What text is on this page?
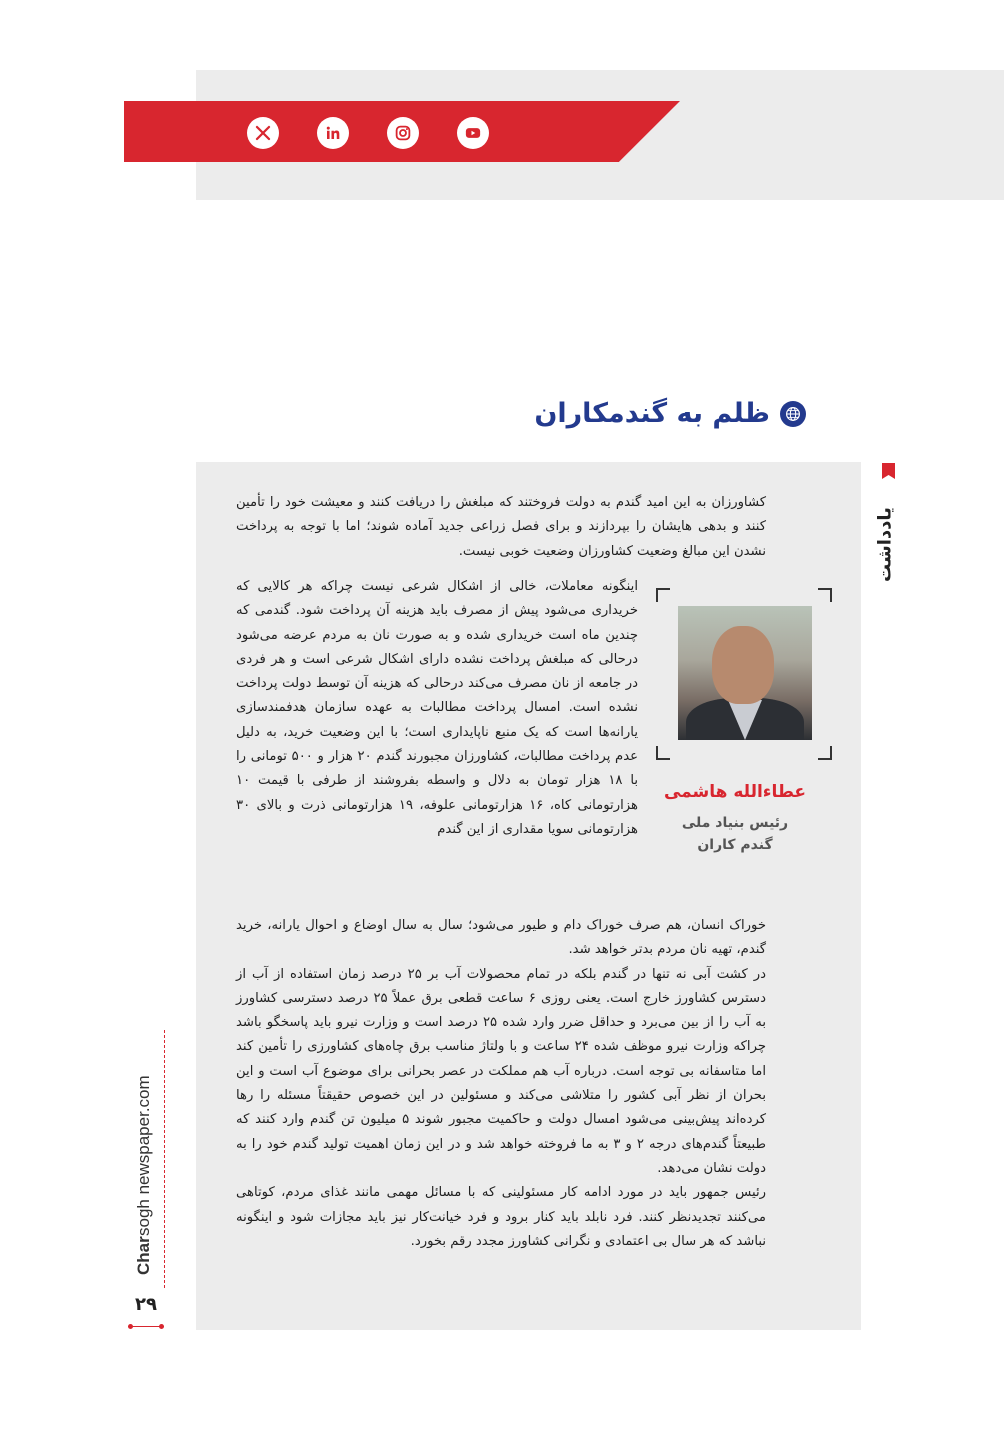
ظلم به گندمکاران
یادداشت

کشاورزان به این امید گندم به دولت فروختند که مبلغش را دریافت کنند و معیشت خود را تأمین کنند و بدهی هایشان را بپردازند و برای فصل زراعی جدید آماده شوند؛ اما با توجه به پرداخت نشدن این مبالغ وضعیت کشاورزان وضعیت خوبی نیست.

اینگونه معاملات، خالی از اشکال شرعی نیست چراکه هر کالایی که خریداری می‌شود پیش از مصرف باید هزینه آن پرداخت شود. گندمی که چندین ماه است خریداری شده و به صورت نان به مردم عرضه می‌شود درحالی که مبلغش پرداخت نشده دارای اشکال شرعی است و هر فردی در جامعه از نان مصرف می‌کند درحالی که هزینه آن توسط دولت پرداخت نشده است. امسال پرداخت مطالبات به عهده سازمان هدفمندسازی یارانه‌ها است که یک منبع ناپایداری است؛ با این وضعیت خرید، به دلیل عدم پرداخت مطالبات، کشاورزان مجبورند گندم ۲۰ هزار و ۵۰۰ تومانی را با ۱۸ هزار تومان به دلال و واسطه بفروشند از طرفی با قیمت ۱۰ هزارتومانی کاه، ۱۶ هزارتومانی علوفه، ۱۹ هزارتومانی ذرت و بالای ۳۰ هزارتومانی سویا مقداری از این گندم

عطاءالله هاشمی
رئیس بنیاد ملی
گندم کاران

خوراک انسان، هم صرف خوراک دام و طیور می‌شود؛ سال به سال اوضاع و احوال یارانه، خرید گندم، تهیه نان مردم بدتر خواهد شد.

در کشت آبی نه تنها در گندم بلکه در تمام محصولات آب بر ۲۵ درصد زمان استفاده از آب از دسترس کشاورز خارج است. یعنی روزی ۶ ساعت قطعی برق عملاً ۲۵ درصد دسترسی کشاورز به آب را از بین می‌برد و حداقل ضرر وارد شده ۲۵ درصد است و وزارت نیرو باید پاسخگو باشد چراکه وزارت نیرو موظف شده ۲۴ ساعت و با ولتاژ مناسب برق چاه‌های کشاورزی را تأمین کند اما متاسفانه بی توجه است. درباره آب هم مملکت در عصر بحرانی برای موضوع آب است و این بحران از نظر آبی کشور را متلاشی می‌کند و مسئولین در این خصوص حقیقتاً مسئله را رها کرده‌اند پیش‌بینی می‌شود امسال دولت و حاکمیت مجبور شوند ۵ میلیون تن گندم وارد کنند که طبیعتاً گندم‌های درجه ۲ و ۳ به ما فروخته خواهد شد و در این زمان اهمیت تولید گندم خود را به دولت نشان می‌دهد.

رئیس جمهور باید در مورد ادامه کار مسئولینی که با مسائل مهمی مانند غذای مردم، کوتاهی می‌کنند تجدیدنظر کنند. فرد نابلد باید کنار برود و فرد خیانت‌کار نیز باید مجازات شود و اینگونه نباشد که هر سال بی اعتمادی و نگرانی کشاورز مجدد رقم بخورد.

Char
sogh newspaper.com
۲۹
